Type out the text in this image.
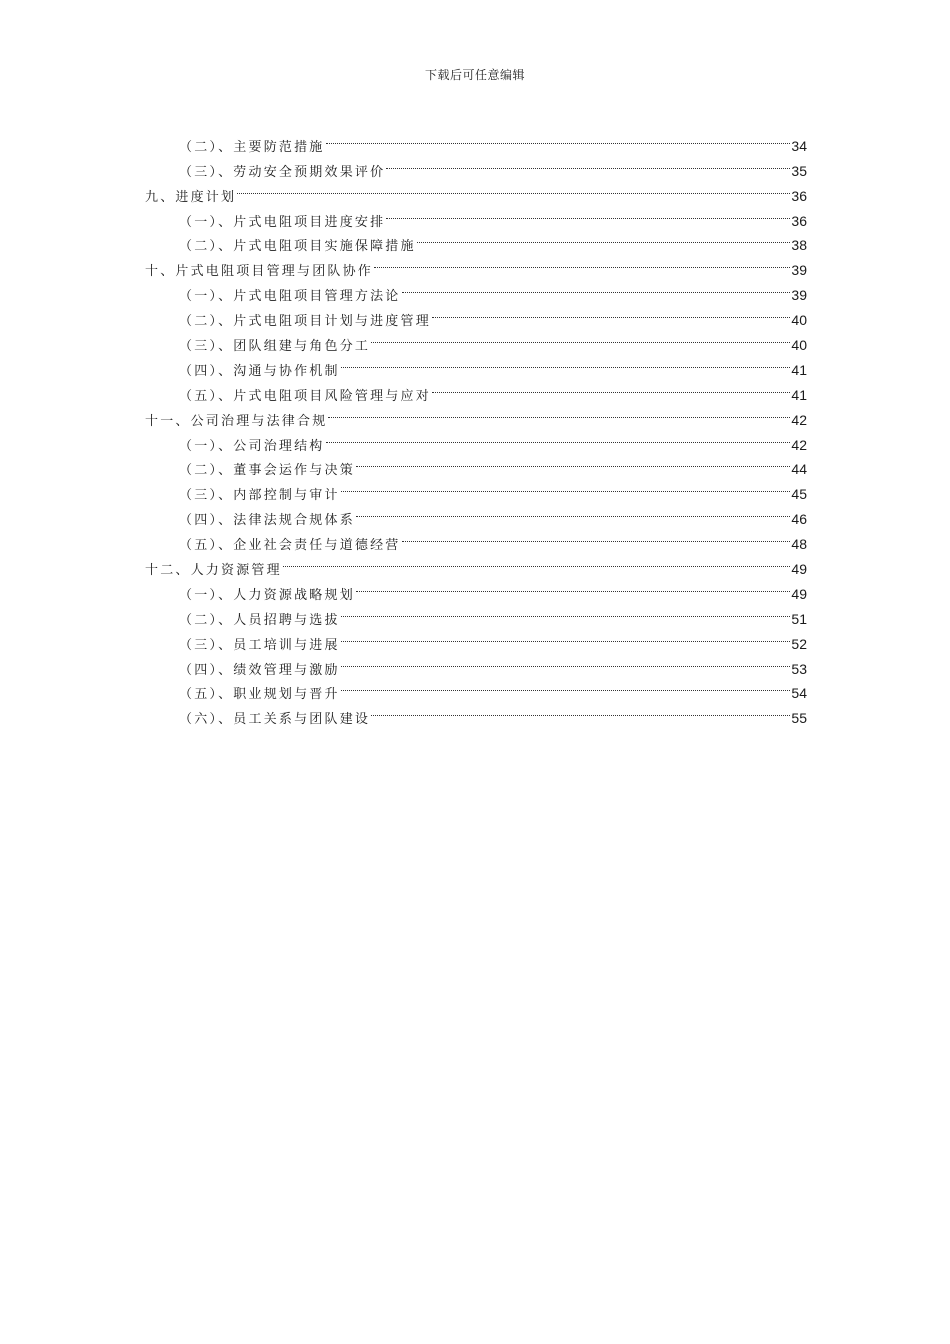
下载后可任意编辑
（二）、主要防范措施	34
（三）、劳动安全预期效果评价	35
九、进度计划	36
（一）、片式电阻项目进度安排	36
（二）、片式电阻项目实施保障措施	38
十、片式电阻项目管理与团队协作	39
（一）、片式电阻项目管理方法论	39
（二）、片式电阻项目计划与进度管理	40
（三）、团队组建与角色分工	40
（四）、沟通与协作机制	41
（五）、片式电阻项目风险管理与应对	41
十一、公司治理与法律合规	42
（一）、公司治理结构	42
（二）、董事会运作与决策	44
（三）、内部控制与审计	45
（四）、法律法规合规体系	46
（五）、企业社会责任与道德经营	48
十二、人力资源管理	49
（一）、人力资源战略规划	49
（二）、人员招聘与选拔	51
（三）、员工培训与进展	52
（四）、绩效管理与激励	53
（五）、职业规划与晋升	54
（六）、员工关系与团队建设	55
